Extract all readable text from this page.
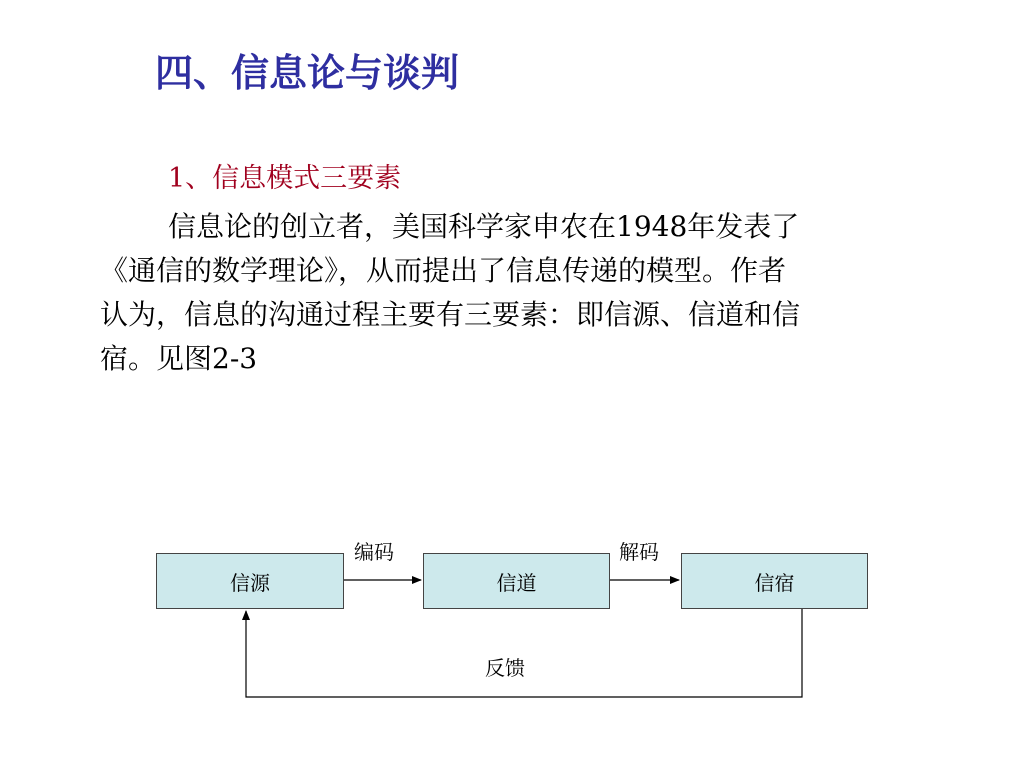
四、信息论与谈判
1、信息模式三要素
信息论的创立者，美国科学家申农在1948年发表了
《通信的数学理论》，从而提出了信息传递的模型。作者
认为，信息的沟通过程主要有三要素：即信源、信道和信
宿。见图2-3
信源	信道	信宿
编码	解码
反馈
